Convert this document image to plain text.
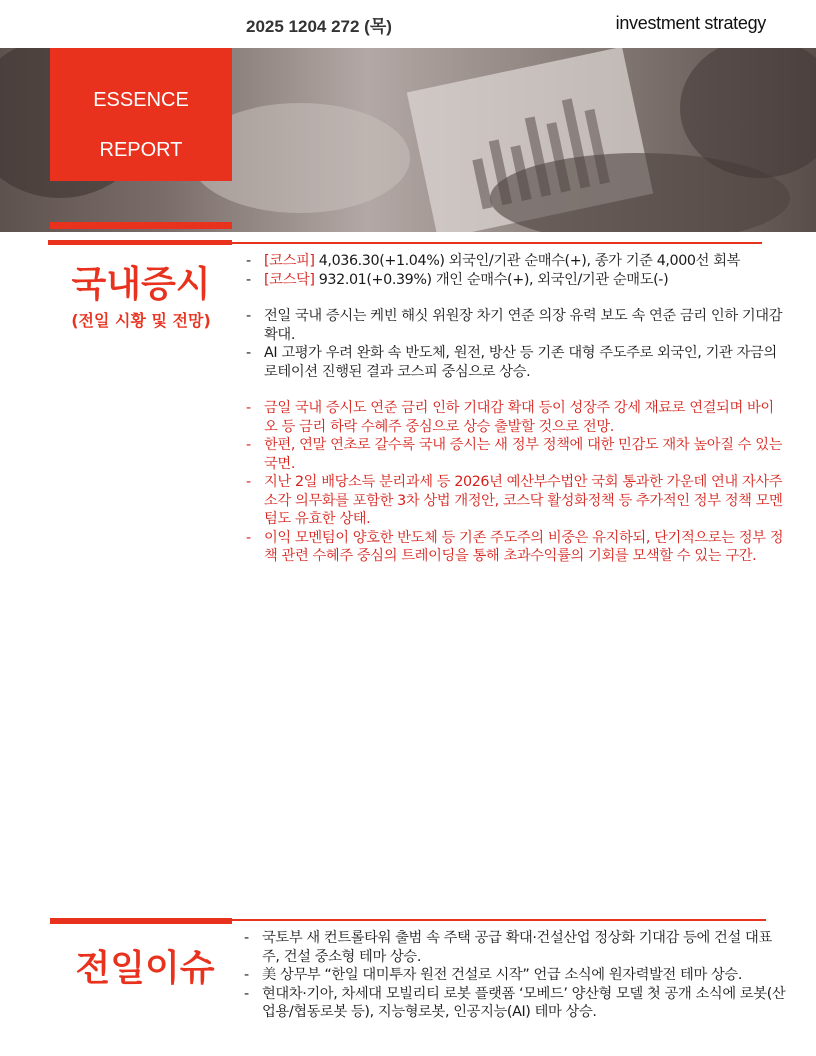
2025 1204 272 (목)	investment strategy
ESSENCE
REPORT
국내증시
(전일 시황 및 전망)
- [코스피] 4,036.30(+1.04%) 외국인/기관 순매수(+), 종가 기준 4,000선 회복
- [코스닥] 932.01(+0.39%) 개인 순매수(+), 외국인/기관 순매도(-)
- 전일 국내 증시는 케빈 해싯 위원장 차기 연준 의장 유력 보도 속 연준 금리 인하 기대감 확대.
- AI 고평가 우려 완화 속 반도체, 원전, 방산 등 기존 대형 주도주로 외국인, 기관 자금의 로테이션 진행된 결과 코스피 중심으로 상승.
- 금일 국내 증시도 연준 금리 인하 기대감 확대 등이 성장주 강세 재료로 연결되며 바이오 등 금리 하락 수혜주 중심으로 상승 출발할 것으로 전망.
- 한편, 연말 연초로 갈수록 국내 증시는 새 정부 정책에 대한 민감도 재차 높아질 수 있는 국면.
- 지난 2일 배당소득 분리과세 등 2026년 예산부수법안 국회 통과한 가운데 연내 자사주 소각 의무화를 포함한 3차 상법 개정안, 코스닥 활성화정책 등 추가적인 정부 정책 모멘텀도 유효한 상태.
- 이익 모멘텀이 양호한 반도체 등 기존 주도주의 비중은 유지하되, 단기적으로는 정부 정책 관련 수혜주 중심의 트레이딩을 통해 초과수익률의 기회를 모색할 수 있는 구간.
전일이슈
- 국토부 새 컨트롤타워 출범 속 주택 공급 확대·건설산업 정상화 기대감 등에 건설 대표주, 건설 중소형 테마 상승.
- 美 상무부 “한일 대미투자 원전 건설로 시작” 언급 소식에 원자력발전 테마 상승.
- 현대차·기아, 차세대 모빌리티 로봇 플랫폼 ‘모베드’ 양산형 모델 첫 공개 소식에 로봇(산업용/협동로봇 등), 지능형로봇, 인공지능(AI) 테마 상승.
